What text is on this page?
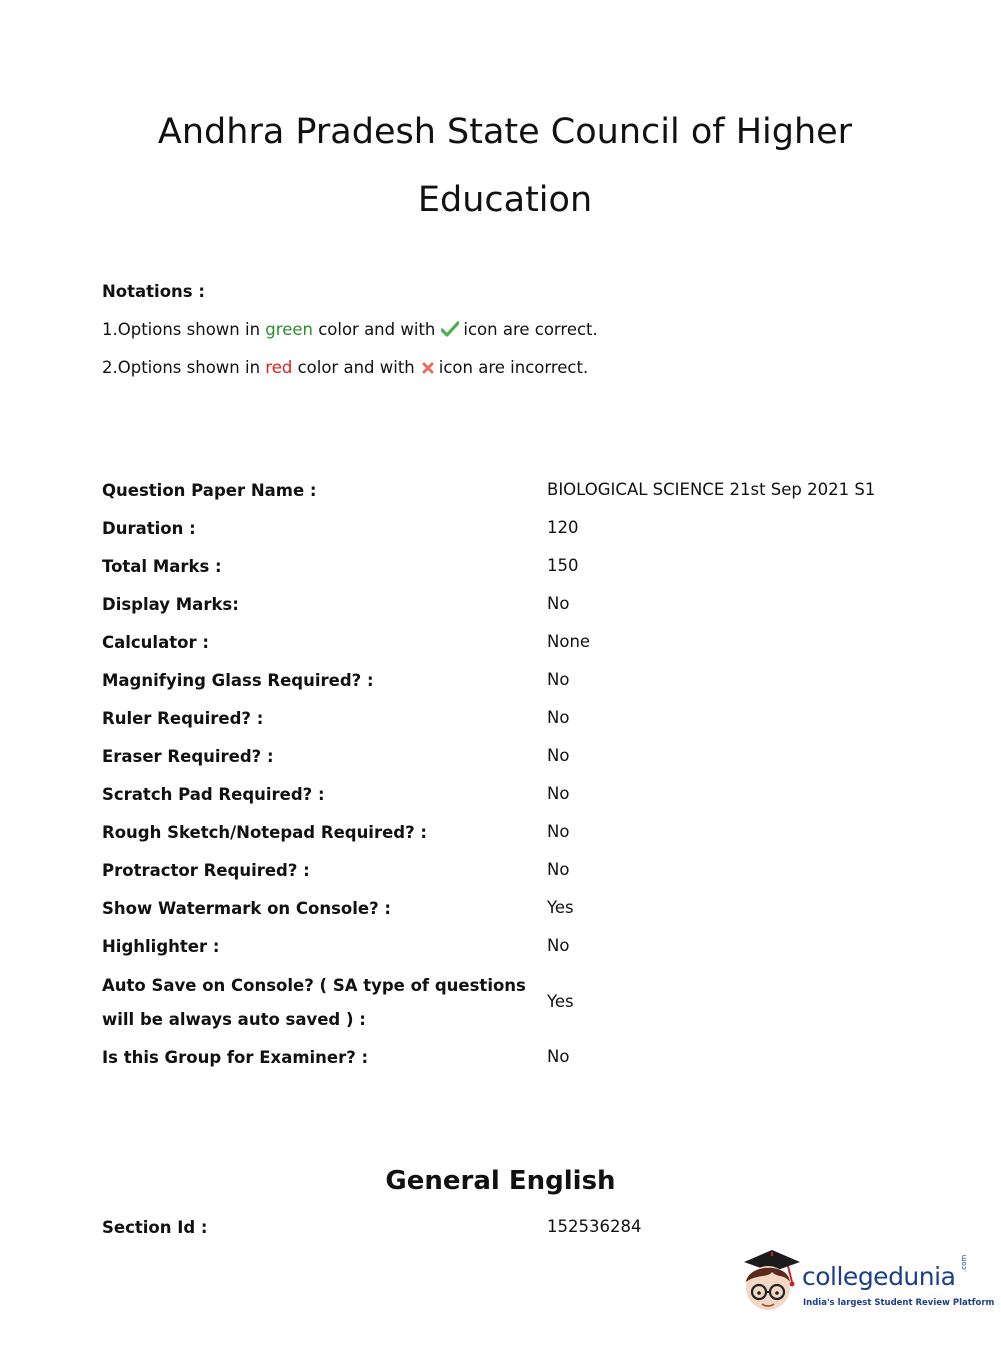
Andhra Pradesh State Council of Higher
Education
Notations :
1.Options shown in green color and with icon are correct.
2.Options shown in red color and with icon are incorrect.
Question Paper Name :	BIOLOGICAL SCIENCE 21st Sep 2021 S1
Duration :	120
Total Marks :	150
Display Marks:	No
Calculator :	None
Magnifying Glass Required? :	No
Ruler Required? :	No
Eraser Required? :	No
Scratch Pad Required? :	No
Rough Sketch/Notepad Required? :	No
Protractor Required? :	No
Show Watermark on Console? :	Yes
Highlighter :	No
Auto Save on Console? ( SA type of questions will be always auto saved ) :
Yes
Is this Group for Examiner? :	No
General English
Section Id :	152536284
collegedunia .com
India's largest Student Review Platform
